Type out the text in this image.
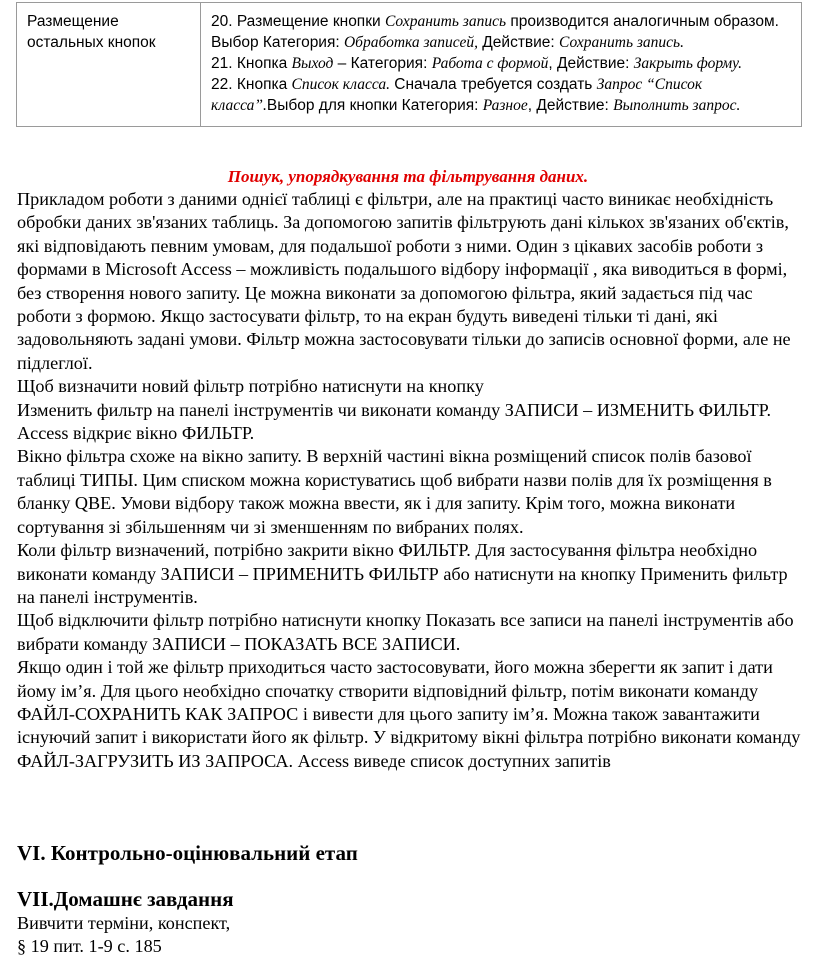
Размещение остальных кнопок	20. Размещение кнопки Сохранить запись производится аналогичным образом. Выбор Категория: Обработка записей, Действие: Сохранить запись.
21. Кнопка Выход – Категория: Работа с формой, Действие: Закрыть форму.
22. Кнопка Список класса. Сначала требуется создать Запрос “Список класса”.Выбор для кнопки Категория: Разное, Действие: Выполнить запрос.
Пошук, упорядкування та фільтрування даних.

Прикладом роботи з даними однієї таблиці є фільтри, але на практиці часто виникає необхідність обробки даних зв'язаних таблиць. За допомогою запитів фільтрують дані кількох зв'язаних об'єктів, які відповідають певним умовам, для подальшої роботи з ними. Один з цікавих засобів роботи з формами в Microsoft Access – можливість подальшого відбору інформації , яка виводиться в формі, без створення нового запиту. Це можна виконати за допомогою фільтра, який задається під час роботи з формою. Якщо застосувати фільтр, то на екран будуть виведені тільки ті дані, які задовольняють задані умови. Фільтр можна застосовувати тільки до записів основної форми, але не підлеглої.

Щоб визначити новий фільтр потрібно натиснути на кнопку

Изменить фильтр на панелі інструментів чи виконати команду ЗАПИСИ – ИЗМЕНИТЬ ФИЛЬТР. Access відкриє вікно ФИЛЬТР.

Вікно фільтра схоже на вікно запиту. В верхній частині вікна розміщений список полів базової таблиці ТИПЫ. Цим списком можна користуватись щоб вибрати назви полів для їх розміщення в бланку QBE. Умови відбору також можна ввести, як і для запиту. Крім того, можна виконати сортування зі збільшенням чи зі зменшенням по вибраних полях.

Коли фільтр визначений, потрібно закрити вікно ФИЛЬТР. Для застосування фільтра необхідно виконати команду ЗАПИСИ – ПРИМЕНИТЬ ФИЛЬТР або натиснути на кнопку Применить фильтр на панелі інструментів.

Щоб відключити фільтр потрібно натиснути кнопку Показать все записи на панелі інструментів або вибрати команду ЗАПИСИ – ПОКАЗАТЬ ВСЕ ЗАПИСИ.

Якщо один і той же фільтр приходиться часто застосовувати, його можна зберегти як запит і дати йому ім’я. Для цього необхідно спочатку створити відповідний фільтр, потім виконати команду ФАЙЛ-СОХРАНИТЬ КАК ЗАПРОС і вивести для цього запиту ім’я. Можна також завантажити існуючий запит і використати його як фільтр. У відкритому вікні фільтра потрібно виконати команду ФАЙЛ-ЗАГРУЗИТЬ ИЗ ЗАПРОСА. Access виведе список доступних запитів

VI. Контрольно-оцінювальний етап
VII.Домашнє завдання

Вивчити терміни, конспект,

§ 19 пит. 1-9 с. 185
